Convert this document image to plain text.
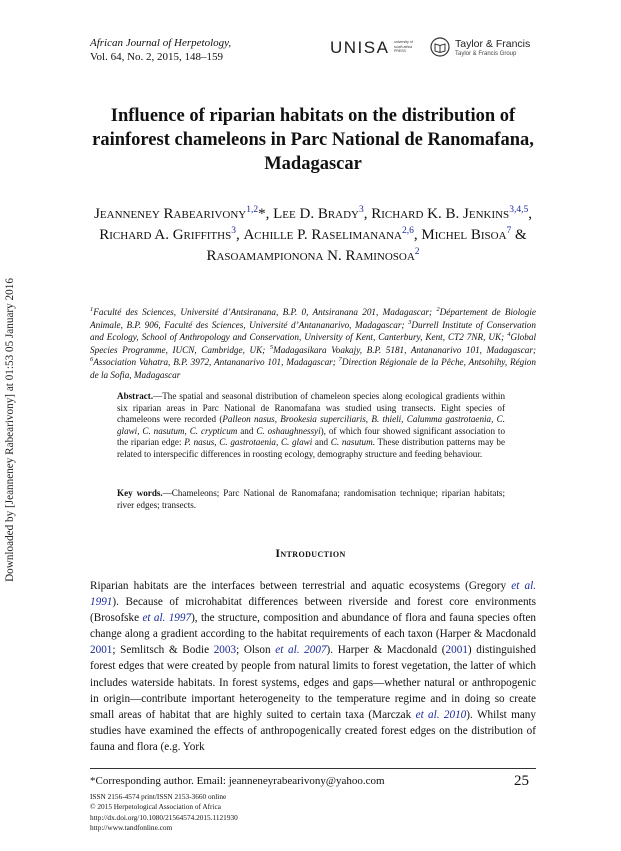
Downloaded by [Jeanneney Rabearivony] at 01:53 05 January 2016
African Journal of Herpetology,
Vol. 64, No. 2, 2015, 148–159	UNISA university of south africa PRESS
Taylor & Francis
Taylor & Francis Group
Influence of riparian habitats on the distribution of rainforest chameleons in Parc National de Ranomafana, Madagascar
Jeanneney Rabearivony$^{1,2}$*, Lee D. Brady$^3$, Richard K. B. Jenkins$^{3,4,5}$, Richard A. Griffiths$^3$, Achille P. Raselimanana$^{2,6}$, Michel Bisoa$^7$ & Rasoamampionona N. Raminosoa$^2$

$^1$Faculté des Sciences, Université d’Antsiranana, B.P. 0, Antsiranana 201, Madagascar; $^2$Département de Biologie Animale, B.P. 906, Faculté des Sciences, Université d’Antananarivo, Madagascar; $^3$Durrell Institute of Conservation and Ecology, School of Anthropology and Conservation, University of Kent, Canterbury, Kent, CT2 7NR, UK; $^4$Global Species Programme, IUCN, Cambridge, UK; $^5$Madagasikara Voakajy, B.P. 5181, Antananarivo 101, Madagascar; $^6$Association Vahatra, B.P. 3972, Antananarivo 101, Madagascar; $^7$Direction Régionale de la Pêche, Antsohihy, Région de la Sofia, Madagascar

Abstract.—The spatial and seasonal distribution of chameleon species along ecological gradients within six riparian areas in Parc National de Ranomafana was studied using transects. Eight species of chameleons were recorded (Palleon nasus, Brookesia superciliaris, B. thieli, Calumma gastrotaenia, C. glawi, C. nasutum, C. crypticum and C. oshaughnessyi), of which four showed significant association to the riparian edge: P. nasus, C. gastrotaenia, C. glawi and C. nasutum. These distribution patterns may be related to interspecific differences in roosting ecology, demography structure and feeding behaviour.

Key words.—Chameleons; Parc National de Ranomafana; randomisation technique; riparian habitats; river edges; transects.

Introduction

Riparian habitats are the interfaces between terrestrial and aquatic ecosystems (Gregory et al. 1991). Because of microhabitat differences between riverside and forest core environments (Brosofske et al. 1997), the structure, composition and abundance of flora and fauna species often change along a gradient according to the habitat requirements of each taxon (Harper & Macdonald 2001; Semlitsch & Bodie 2003; Olson et al. 2007). Harper & Macdonald (2001) distinguished forest edges that were created by people from natural limits to forest vegetation, the latter of which includes waterside habitats. In forest systems, edges and gaps—whether natural or anthropogenic in origin—contribute important heterogeneity to the temperature regime and in doing so create small areas of habitat that are highly suited to certain taxa (Marczak et al. 2010). Whilst many studies have examined the effects of anthropogenically created forest edges on the distribution of fauna and flora (e.g. York

*Corresponding author. Email: jeanneneyrabearivony@yahoo.com	25
ISSN 2156-4574 print/ISSN 2153-3660 online
© 2015 Herpetological Association of Africa
http://dx.doi.org/10.1080/21564574.2015.1121930
http://www.tandfonline.com
